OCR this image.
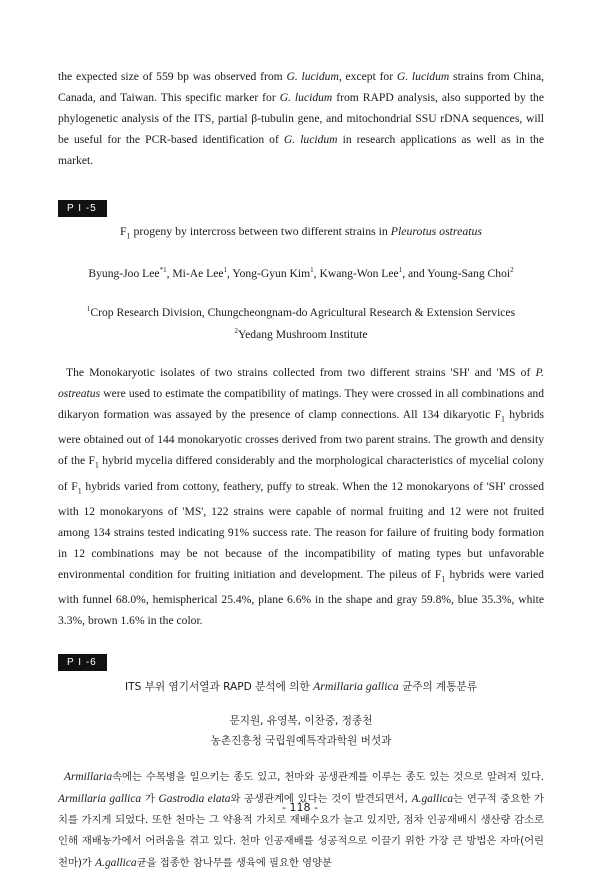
the expected size of 559 bp was observed from G. lucidum, except for G. lucidum strains from China, Canada, and Taiwan. This specific marker for G. lucidum from RAPD analysis, also supported by the phylogenetic analysis of the ITS, partial β-tubulin gene, and mitochondrial SSU rDNA sequences, will be useful for the PCR-based identification of G. lucidum in research applications as well as in the market.

P I -5

$F_1$ progeny by intercross between two different strains in Pleurotus ostreatus

Byung-Joo Lee$^{*1}$, Mi-Ae Lee$^1$, Yong-Gyun Kim$^1$, Kwang-Won Lee$^1$, and Young-Sang Choi$^2$

$^1$Crop Research Division, Chungcheongnam-do Agricultural Research & Extension Services

$^2$Yedang Mushroom Institute

The Monokaryotic isolates of two strains collected from two different strains 'SH' and 'MS of P. ostreatus were used to estimate the compatibility of matings. They were crossed in all combinations and dikaryon formation was assayed by the presence of clamp connections. All 134 dikaryotic $F_1$ hybrids were obtained out of 144 monokaryotic crosses derived from two parent strains. The growth and density of the $F_1$ hybrid mycelia differed considerably and the morphological characteristics of mycelial colony of $F_1$ hybrids varied from cottony, feathery, puffy to streak. When the 12 monokaryons of 'SH' crossed with 12 monokaryons of 'MS', 122 strains were capable of normal fruiting and 12 were not fruited among 134 strains tested indicating 91% success rate. The reason for failure of fruiting body formation in 12 combinations may be not because of the incompatibility of mating types but unfavorable environmental condition for fruiting initiation and development. The pileus of $F_1$ hybrids were varied with funnel 68.0%, hemispherical 25.4%, plane 6.6% in the shape and gray 59.8%, blue 35.3%, white 3.3%, brown 1.6% in the color.

P I -6

ITS 부위 염기서열과 RAPD 분석에 의한 Armillaria gallica 균주의 계통분류

문지원, 유영복, 이찬중, 정종천

농촌진흥청 국립원예특작과학원 버섯과

Armillaria속에는 수목병을 일으키는 종도 있고, 천마와 공생관계를 이루는 종도 있는 것으로 알려져 있다. Armillaria gallica 가 Gastrodia elata와 공생관계에 있다는 것이 발견되면서, A.gallica는 연구적 중요한 가치를 가지게 되었다. 또한 천마는 그 약용적 가치로 재배수요가 늘고 있지만, 점차 인공재배시 생산량 감소로 인해 재배농가에서 어려움을 겪고 있다. 천마 인공재배를 성공적으로 이끌기 위한 가장 큰 방법은 자마(어린 천마)가 A.gallica균을 접종한 참나무를 생육에 필요한 영양분

- 118 -
